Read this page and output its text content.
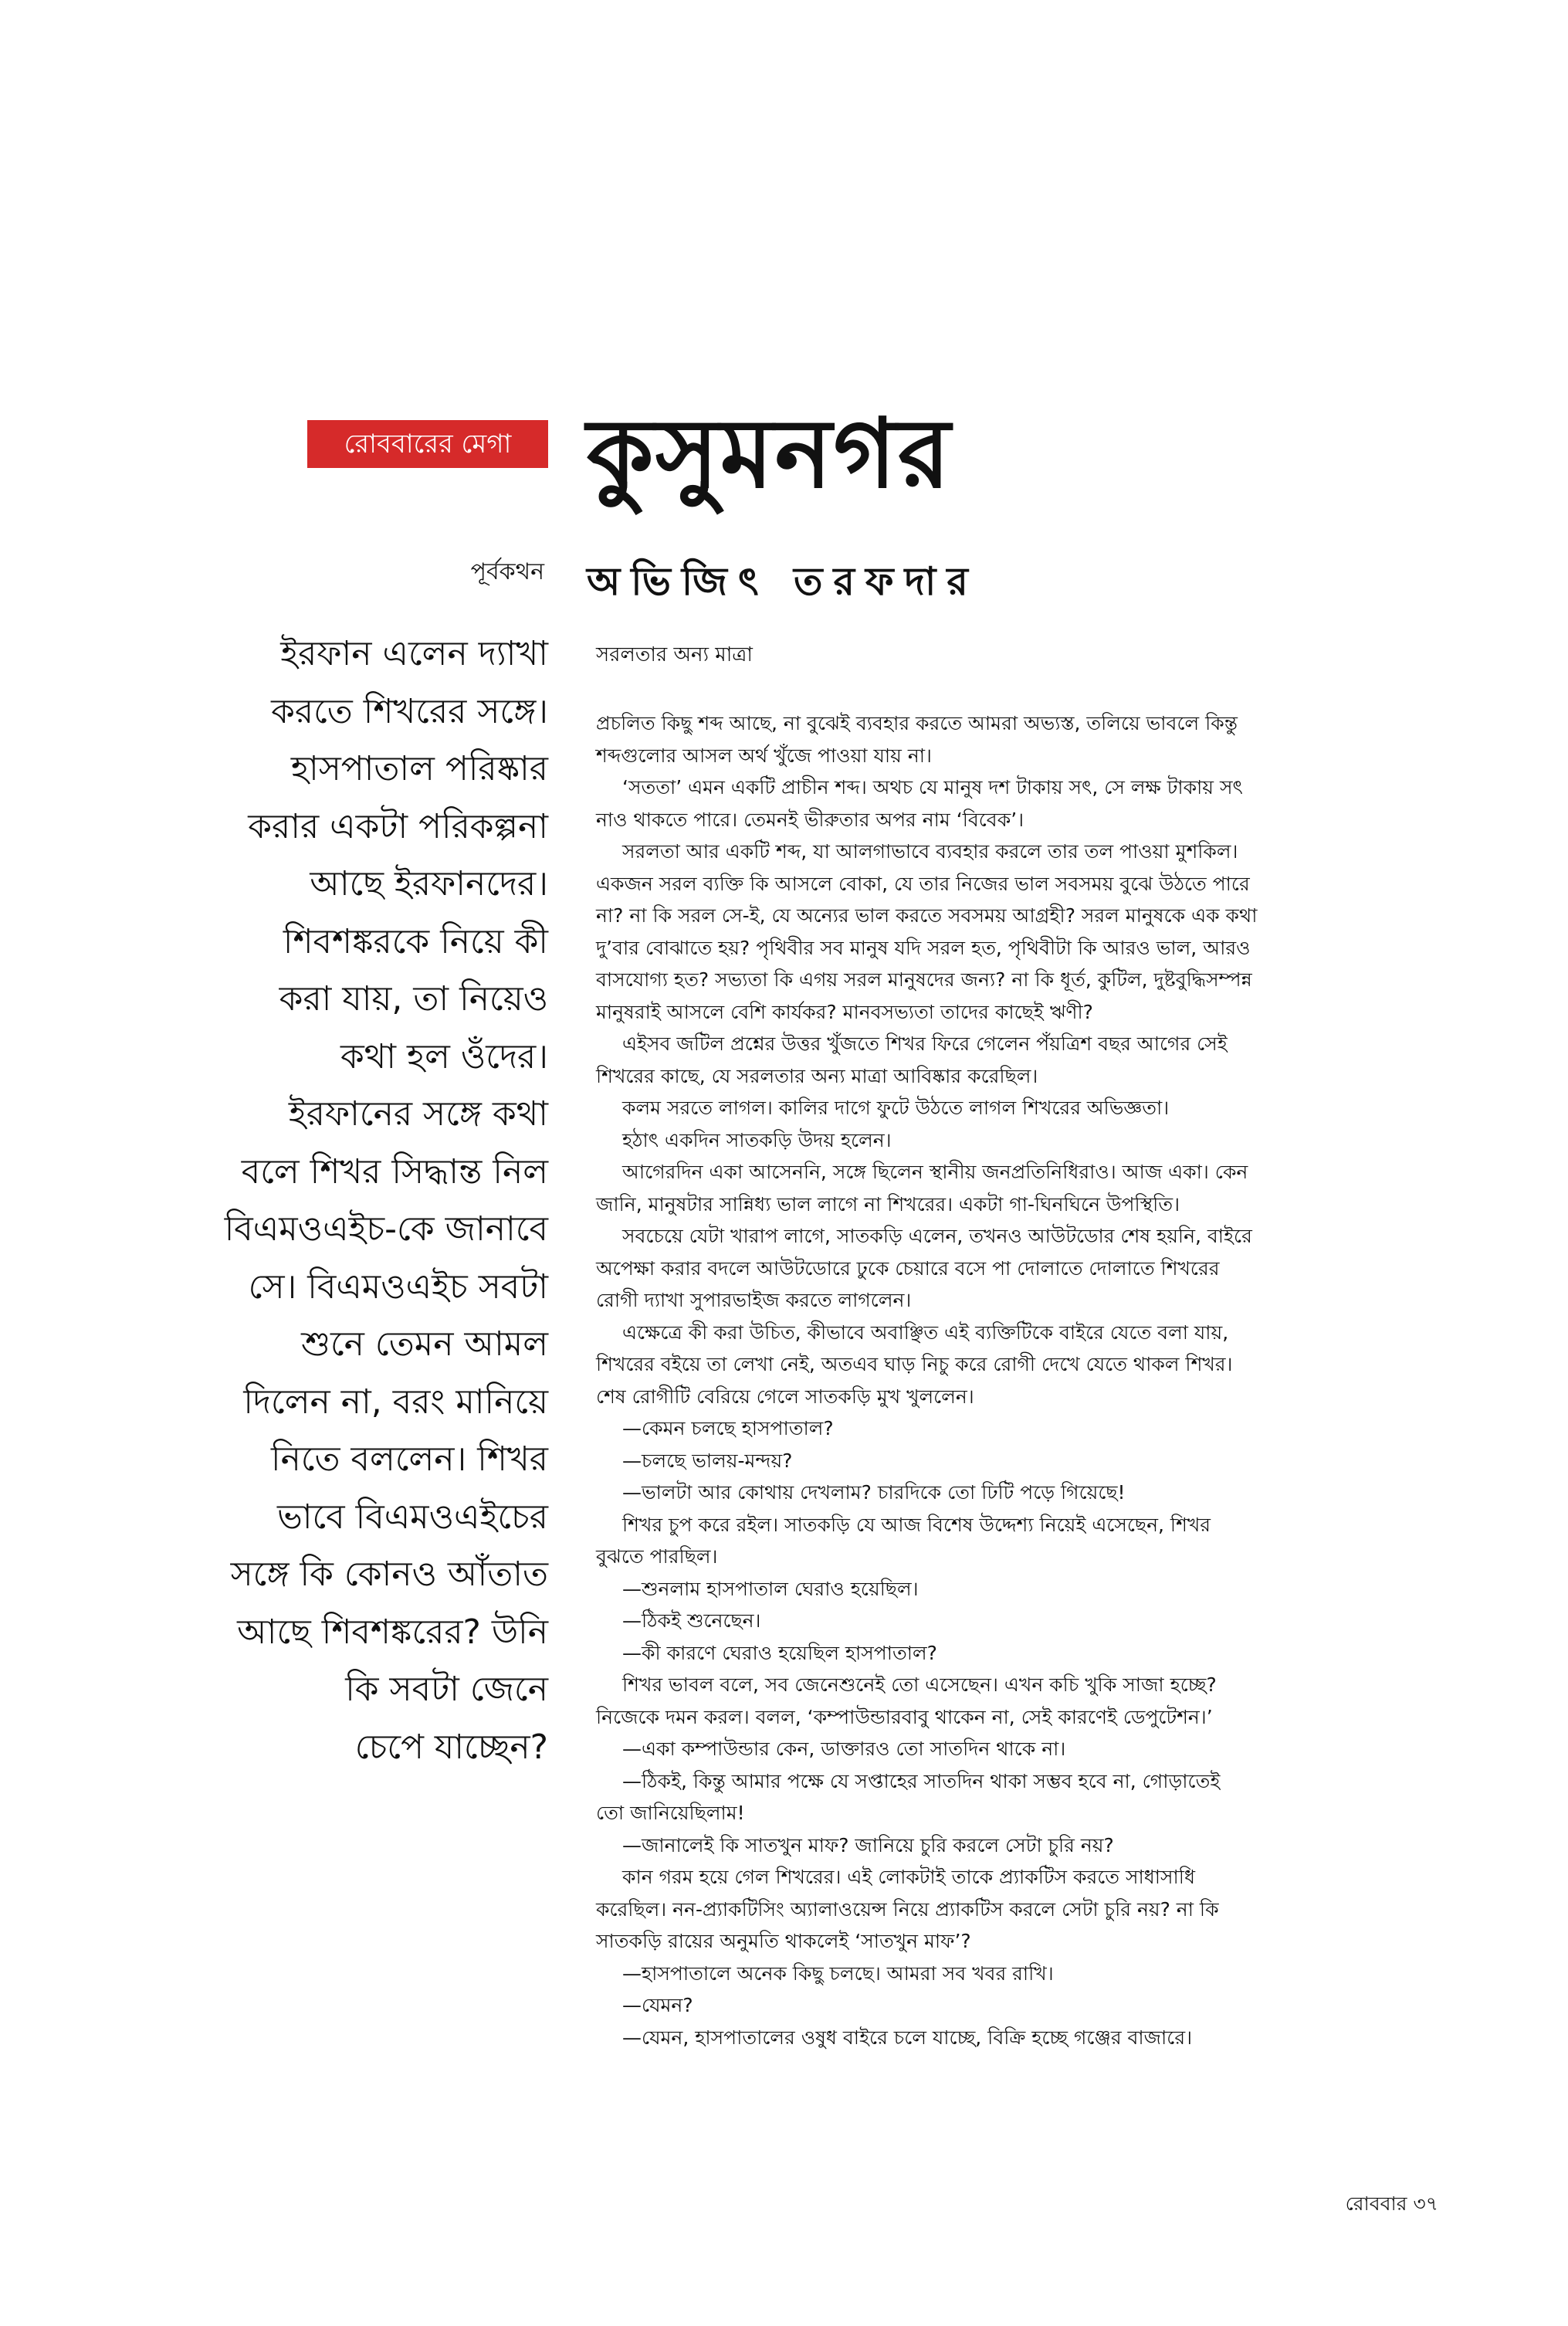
রোববারের মেগা কুসুমনগর
পূর্বকথন অভিজিৎ তরফদার
ইরফান এলেন দ্যাখা
করতে শিখরের সঙ্গে।
হাসপাতাল পরিষ্কার
করার একটা পরিকল্পনা
আছে ইরফানদের।
শিবশঙ্করকে নিয়ে কী
করা যায়, তা নিয়েও
কথা হল ওঁদের।
ইরফানের সঙ্গে কথা
বলে শিখর সিদ্ধান্ত নিল
বিএমওএইচ-কে জানাবে
সে। বিএমওএইচ সবটা
শুনে তেমন আমল
দিলেন না, বরং মানিয়ে
নিতে বললেন। শিখর
ভাবে বিএমওএইচের
সঙ্গে কি কোনও আঁতাত
আছে শিবশঙ্করের? উনি
কি সবটা জেনে
চেপে যাচ্ছেন?
সরলতার অন্য মাত্রা
প্রচলিত কিছু শব্দ আছে, না বুঝেই ব্যবহার করতে আমরা অভ্যস্ত, তলিয়ে ভাবলে কিন্তু
শব্দগুলোর আসল অর্থ খুঁজে পাওয়া যায় না।
‘সততা’ এমন একটি প্রাচীন শব্দ। অথচ যে মানুষ দশ টাকায় সৎ, সে লক্ষ টাকায় সৎ
নাও থাকতে পারে। তেমনই ভীরুতার অপর নাম ‘বিবেক’।
সরলতা আর একটি শব্দ, যা আলগাভাবে ব্যবহার করলে তার তল পাওয়া মুশকিল।
একজন সরল ব্যক্তি কি আসলে বোকা, যে তার নিজের ভাল সবসময় বুঝে উঠতে পারে
না? না কি সরল সে-ই, যে অন্যের ভাল করতে সবসময় আগ্রহী? সরল মানুষকে এক কথা
দু’বার বোঝাতে হয়? পৃথিবীর সব মানুষ যদি সরল হত, পৃথিবীটা কি আরও ভাল, আরও
বাসযোগ্য হত? সভ্যতা কি এগয় সরল মানুষদের জন্য? না কি ধূর্ত, কুটিল, দুষ্টবুদ্ধিসম্পন্ন
মানুষরাই আসলে বেশি কার্যকর? মানবসভ্যতা তাদের কাছেই ঋণী?
এইসব জটিল প্রশ্নের উত্তর খুঁজতে শিখর ফিরে গেলেন পঁয়ত্রিশ বছর আগের সেই
শিখরের কাছে, যে সরলতার অন্য মাত্রা আবিষ্কার করেছিল।
কলম সরতে লাগল। কালির দাগে ফুটে উঠতে লাগল শিখরের অভিজ্ঞতা।
হঠাৎ একদিন সাতকড়ি উদয় হলেন।
আগেরদিন একা আসেননি, সঙ্গে ছিলেন স্থানীয় জনপ্রতিনিধিরাও। আজ একা। কেন
জানি, মানুষটার সান্নিধ্য ভাল লাগে না শিখরের। একটা গা-ঘিনঘিনে উপস্থিতি।
সবচেয়ে যেটা খারাপ লাগে, সাতকড়ি এলেন, তখনও আউটডোর শেষ হয়নি, বাইরে
অপেক্ষা করার বদলে আউটডোরে ঢুকে চেয়ারে বসে পা দোলাতে দোলাতে শিখরের
রোগী দ্যাখা সুপারভাইজ করতে লাগলেন।
এক্ষেত্রে কী করা উচিত, কীভাবে অবাঞ্ছিত এই ব্যক্তিটিকে বাইরে যেতে বলা যায়,
শিখরের বইয়ে তা লেখা নেই, অতএব ঘাড় নিচু করে রোগী দেখে যেতে থাকল শিখর।
শেষ রোগীটি বেরিয়ে গেলে সাতকড়ি মুখ খুললেন।
—কেমন চলছে হাসপাতাল?
—চলছে ভালয়-মন্দয়?
—ভালটা আর কোথায় দেখলাম? চারদিকে তো ঢিটি পড়ে গিয়েছে!
শিখর চুপ করে রইল। সাতকড়ি যে আজ বিশেষ উদ্দেশ্য নিয়েই এসেছেন, শিখর
বুঝতে পারছিল।
—শুনলাম হাসপাতাল ঘেরাও হয়েছিল।
—ঠিকই শুনেছেন।
—কী কারণে ঘেরাও হয়েছিল হাসপাতাল?
শিখর ভাবল বলে, সব জেনেশুনেই তো এসেছেন। এখন কচি খুকি সাজা হচ্ছে?
নিজেকে দমন করল। বলল, ‘কম্পাউন্ডারবাবু থাকেন না, সেই কারণেই ডেপুটেশন।’
—একা কম্পাউন্ডার কেন, ডাক্তারও তো সাতদিন থাকে না।
—ঠিকই, কিন্তু আমার পক্ষে যে সপ্তাহের সাতদিন থাকা সম্ভব হবে না, গোড়াতেই
তো জানিয়েছিলাম!
—জানালেই কি সাতখুন মাফ? জানিয়ে চুরি করলে সেটা চুরি নয়?
কান গরম হয়ে গেল শিখরের। এই লোকটাই তাকে প্র্যাকটিস করতে সাধাসাধি
করেছিল। নন-প্র্যাকটিসিং অ্যালাওয়েন্স নিয়ে প্র্যাকটিস করলে সেটা চুরি নয়? না কি
সাতকড়ি রায়ের অনুমতি থাকলেই ‘সাতখুন মাফ’?
—হাসপাতালে অনেক কিছু চলছে। আমরা সব খবর রাখি।
—যেমন?
—যেমন, হাসপাতালের ওষুধ বাইরে চলে যাচ্ছে, বিক্রি হচ্ছে গঞ্জের বাজারে।
রোববার ৩৭
